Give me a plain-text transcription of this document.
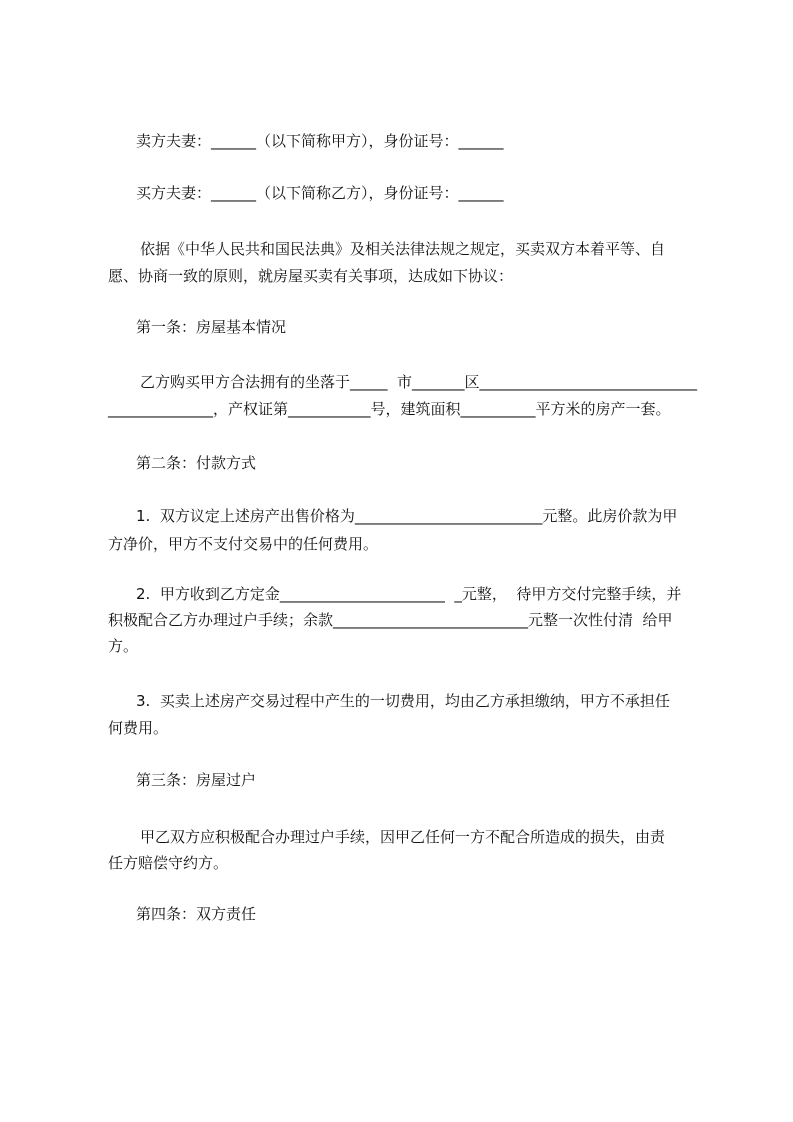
卖方夫妻：______（以下简称甲方），身份证号：______
买方夫妻：______（以下简称乙方），身份证号：______
依据《中华人民共和国民法典》及相关法律法规之规定，买卖双方本着平等、自
愿、协商一致的原则，就房屋买卖有关事项，达成如下协议：
第一条：房屋基本情况
乙方购买甲方合法拥有的坐落于_____  市_______区_____________________________
______________，产权证第___________号，建筑面积__________平方米的房产一套。
第二条：付款方式
1.  双方议定上述房产出售价格为_________________________元整。此房价款为甲
方净价，甲方不支付交易中的任何费用。
2.  甲方收到乙方定金______________________  _元整，  待甲方交付完整手续，并
积极配合乙方办理过户手续；余款__________________________元整一次性付清  给甲
方。
3.  买卖上述房产交易过程中产生的一切费用，均由乙方承担缴纳，甲方不承担任
何费用。
第三条：房屋过户
甲乙双方应积极配合办理过户手续，因甲乙任何一方不配合所造成的损失，由责
任方赔偿守约方。
第四条：双方责任
